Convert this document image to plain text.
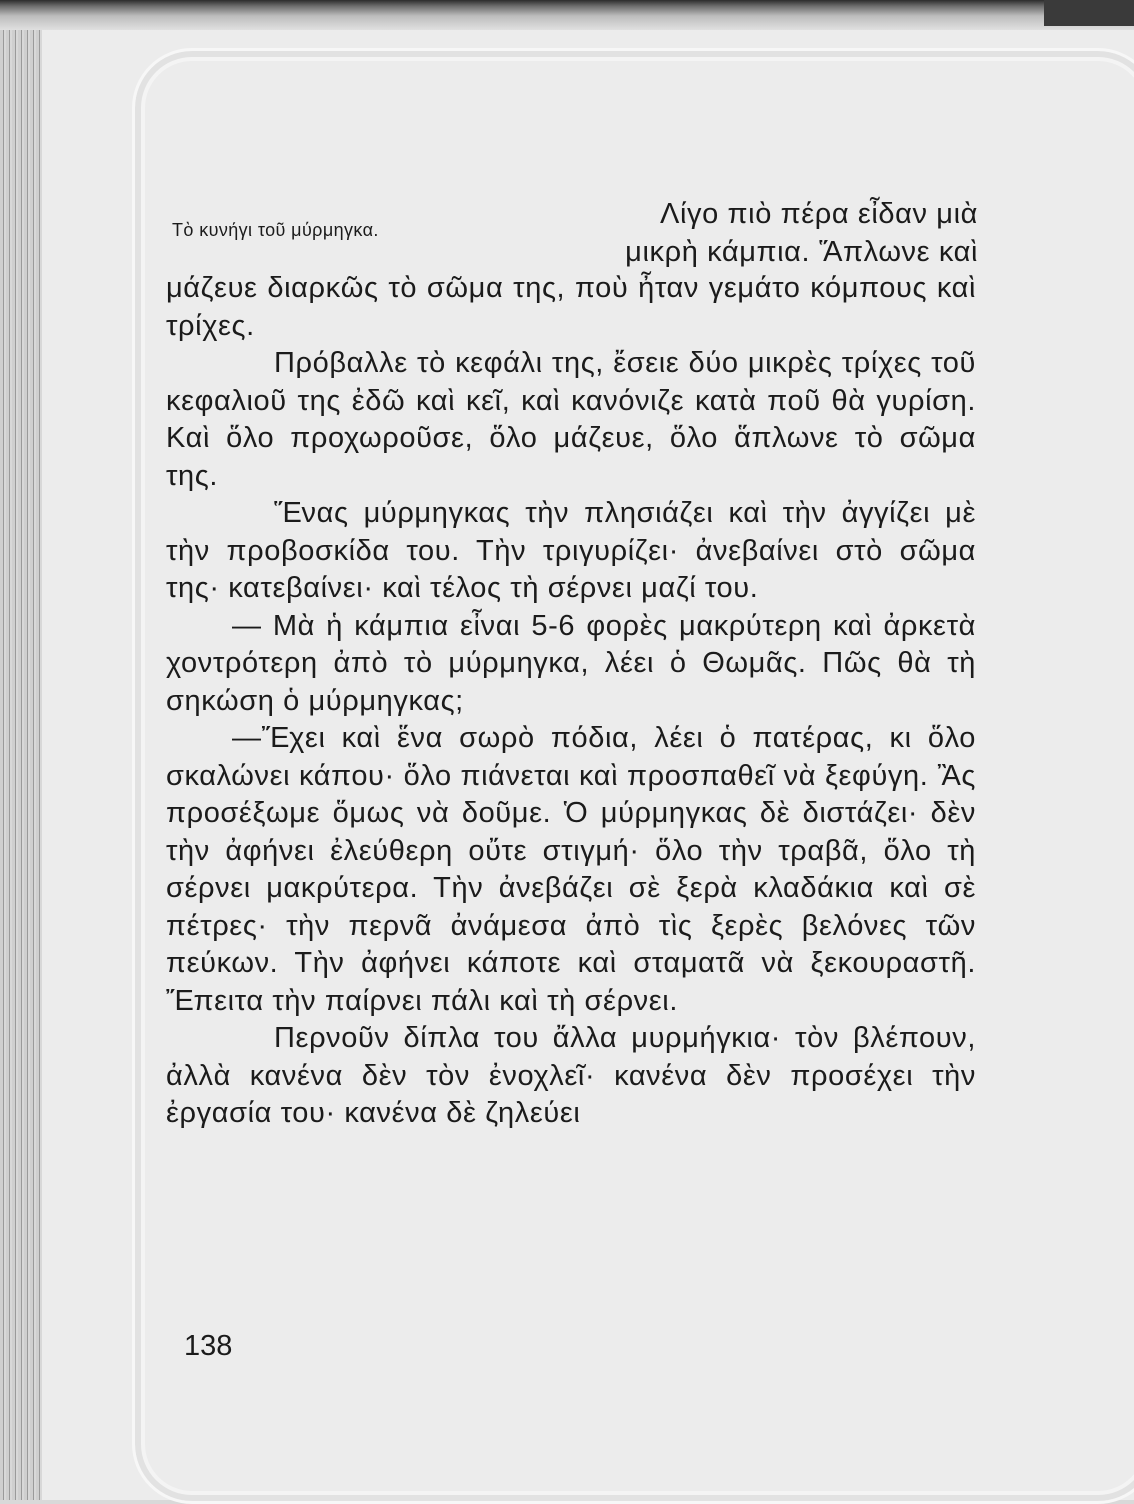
Τὸ κυνήγι τοῦ μύρμηγκα.	Λίγο πιὸ πέρα εἶδαν μιὰ
μικρὴ κάμπια. Ἅπλωνε καὶ

μάζευε διαρκῶς τὸ σῶμα της, ποὺ ἦταν γεμάτο κόμπους καὶ τρίχες.

Πρόβαλλε τὸ κεφάλι της, ἔσειε δύο μικρὲς τρίχες τοῦ κεφαλιοῦ της ἐδῶ καὶ κεῖ, καὶ κανόνιζε κατὰ ποῦ θὰ γυρίση. Καὶ ὅλο προχωροῦσε, ὅλο μάζευε, ὅλο ἅπλωνε τὸ σῶμα της.

Ἕνας μύρμηγκας τὴν πλησιάζει καὶ τὴν ἀγγίζει μὲ τὴν προβοσκίδα του. Τὴν τριγυρίζει· ἀνεβαίνει στὸ σῶμα της· κατεβαίνει· καὶ τέλος τὴ σέρνει μαζί του.

— Μὰ ἡ κάμπια εἶναι 5-6 φορὲς μακρύτερη καὶ ἀρκετὰ χοντρότερη ἀπὸ τὸ μύρμηγκα, λέει ὁ Θωμᾶς. Πῶς θὰ τὴ σηκώση ὁ μύρμηγκας;

—Ἔχει καὶ ἕνα σωρὸ πόδια, λέει ὁ πατέρας, κι ὅλο σκαλώνει κάπου· ὅλο πιάνεται καὶ προσπαθεῖ νὰ ξεφύγη. Ἂς προσέξωμε ὅμως νὰ δοῦμε. Ὁ μύρμηγκας δὲ διστάζει· δὲν τὴν ἀφήνει ἐλεύθερη οὔτε στιγμή· ὅλο τὴν τραβᾶ, ὅλο τὴ σέρνει μακρύτερα. Τὴν ἀνεβάζει σὲ ξερὰ κλαδάκια καὶ σὲ πέτρες· τὴν περνᾶ ἀνάμεσα ἀπὸ τὶς ξερὲς βελόνες τῶν πεύκων. Τὴν ἀφήνει κάποτε καὶ σταματᾶ νὰ ξεκουραστῆ. Ἔπειτα τὴν παίρνει πάλι καὶ τὴ σέρνει.

Περνοῦν δίπλα του ἄλλα μυρμήγκια· τὸν βλέπουν, ἀλλὰ κανένα δὲν τὸν ἐνοχλεῖ· κανένα δὲν προσέχει τὴν ἐργασία του· κανένα δὲ ζηλεύει

138
